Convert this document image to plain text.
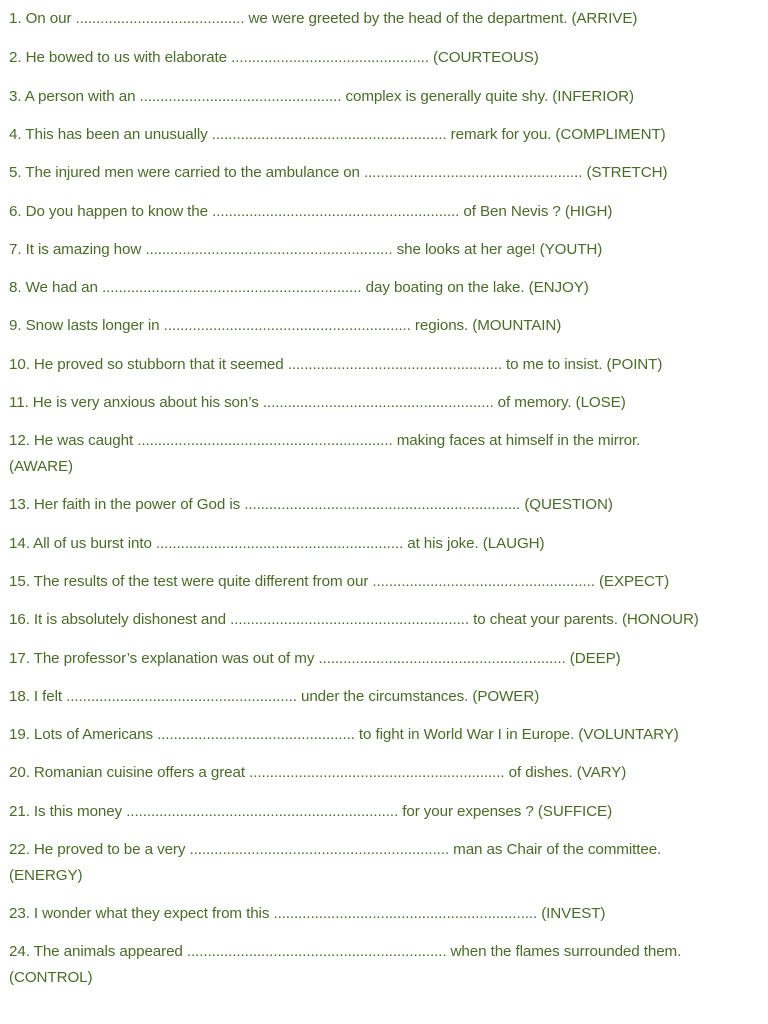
1. On our ......................................... we were greeted by the head of the department. (ARRIVE)
2. He bowed to us with elaborate ................................................ (COURTEOUS)
3. A person with an ................................................. complex is generally quite shy. (INFERIOR)
4. This has been an unusually ......................................................... remark for you. (COMPLIMENT)
5. The injured men were carried to the ambulance on ..................................................... (STRETCH)
6. Do you happen to know the ............................................................ of Ben Nevis ? (HIGH)
7. It is amazing how ............................................................ she looks at her age! (YOUTH)
8. We had an ............................................................... day boating on the lake. (ENJOY)
9. Snow lasts longer in ............................................................ regions. (MOUNTAIN)
10. He proved so stubborn that it seemed .................................................... to me to insist. (POINT)
11. He is very anxious about his son’s ........................................................ of memory. (LOSE)
12. He was caught .............................................................. making faces at himself in the mirror.
(AWARE)
13. Her faith in the power of God is ................................................................... (QUESTION)
14. All of us burst into ............................................................ at his joke. (LAUGH)
15. The results of the test were quite different from our ...................................................... (EXPECT)
16. It is absolutely dishonest and .......................................................... to cheat your parents. (HONOUR)
17. The professor’s explanation was out of my ............................................................ (DEEP)
18. I felt ........................................................ under the circumstances. (POWER)
19. Lots of Americans ................................................ to fight in World War I in Europe. (VOLUNTARY)
20. Romanian cuisine offers a great .............................................................. of dishes. (VARY)
21. Is this money .................................................................. for your expenses ? (SUFFICE)
22. He proved to be a very ............................................................... man as Chair of the committee.
(ENERGY)
23. I wonder what they expect from this ................................................................ (INVEST)
24. The animals appeared ............................................................... when the flames surrounded them.
(CONTROL)
